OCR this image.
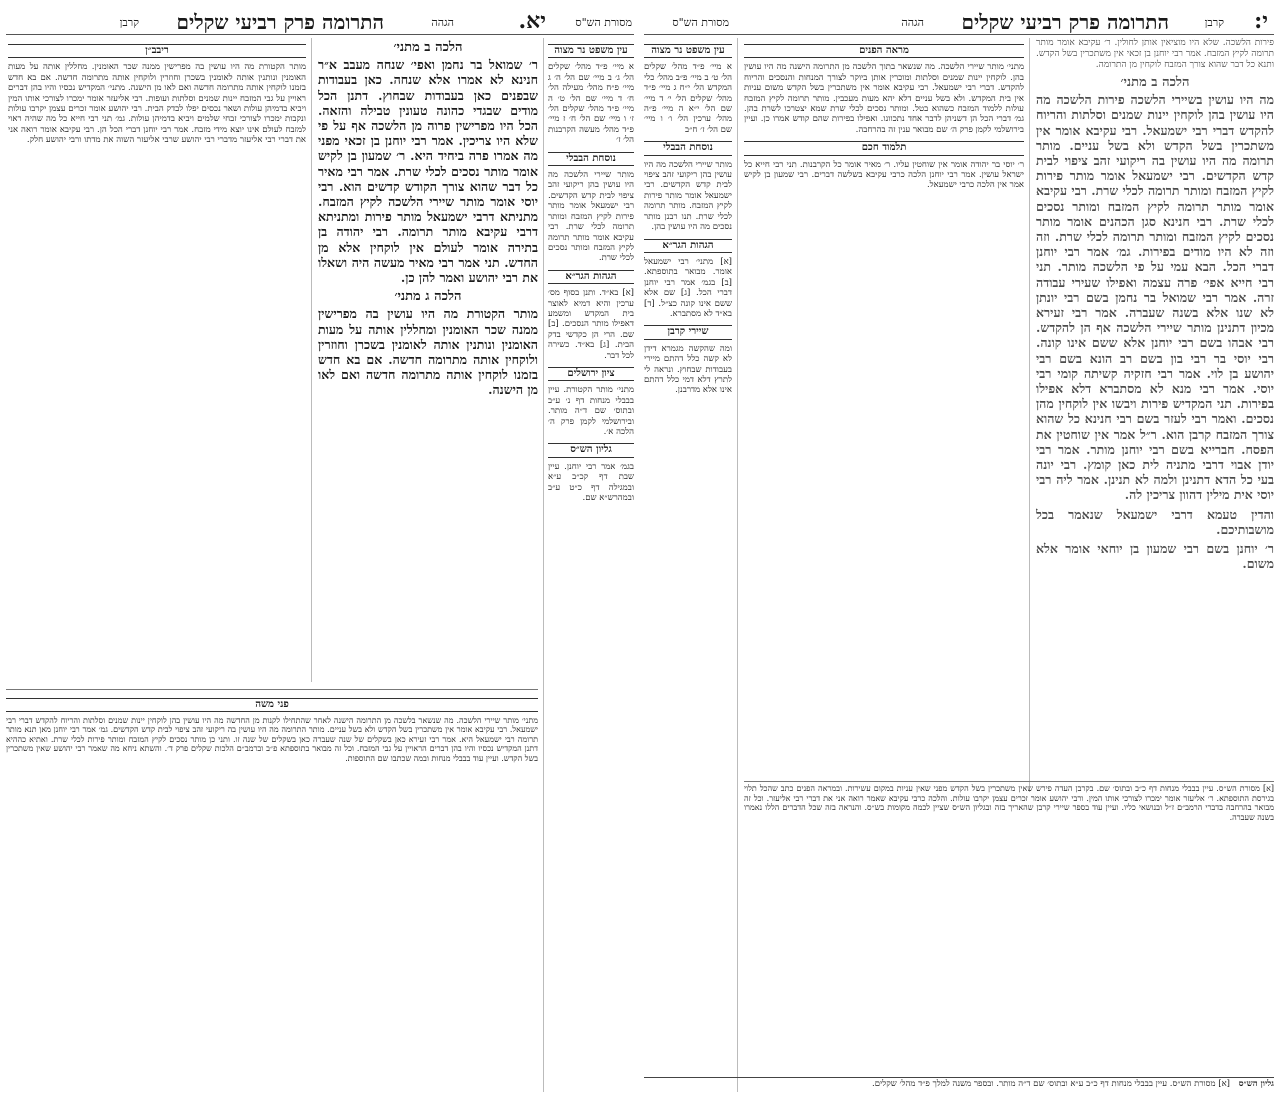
מסורת הש"ס
יא.
הגהה
התרומה פרק רביעי שקלים
קרבן
עין משפט נר מצוה
א מיי׳ פ״ד מהל׳ שקלים הל׳ ג׳ ב מיי׳ שם הל׳ ה׳ ג מיי׳ פ״ח מהל׳ מעילה הל׳ ח׳ ד מיי׳ שם הל׳ ט׳ ה מיי׳ פ״ד מהל׳ שקלים הל׳ ז׳ ו מיי׳ שם הל׳ ח׳ ז מיי׳ פ״ד מהל׳ מעשה הקרבנות הל׳ ז׳
נוסחת הבבלי
מותר שיירי הלשכה מה היו עושין בהן ריקועי זהב ציפוי לבית קדש הקדשים. רבי ישמעאל אומר מותר פירות לקיץ המזבח ומותר תרומה לכלי שרת. רבי עקיבא אומר מותר תרומה לקיץ המזבח ומותר נסכים לכלי שרת.
הגהות הגר״א
[א] בא״ד. ותנן בסוף מס׳ ערכין והיא דמיא לאוצר בית המקדש ומשמע דאפילו מותר הנסכים. [ב] שם. הרי הן כקדשי בדק הבית. [ג] בא״ד. כשירה לכל דבר.
ציון ירושלים
מתני׳ מותר הקטורת. עיין בבבלי מנחות דף נ׳ ע״ב ובתוס׳ שם ד״ה מותר. ובירושלמי לקמן פרק ה׳ הלכה א׳.
גליון הש״ס
בגמ׳ אמר רבי יוחנן. עיין שבת דף קכ״ב ע״א ובמגילה דף כ״ט ע״ב ובמהרש״א שם.
הלכה ב מתני׳
ר׳ שמואל בר נחמן ואפי׳ שנחה מעבב א״ר חנינא לא אמרו אלא שנחה. כאן בעבודות שבפנים כאן בעבודות שבחוץ. דתנן הכל מודים שבגדי כהונה טעונין טבילה והזאה. הכל היו מפרישין פרוה מן הלשכה אף על פי שלא היו צריכין. אמר רבי יוחנן בן זכאי מפני מה אמרו פרה ביחיד היא. ר׳ שמעון בן לקיש אומר מותר נסכים לכלי שרת. אמר רבי מאיר כל דבר שהוא צורך הקודש קדשים הוא. רבי יוסי אומר מותר שיירי הלשכה לקיץ המזבח. מתניתא דרבי ישמעאל מותר פירות ומתניתא דרבי עקיבא מותר תרומה. רבי יהודה בן בתירה אומר לעולם אין לוקחין אלא מן החדש. תני אמר רבי מאיר מעשה היה ושאלו את רבי יהושע ואמר להן כן.
הלכה ג מתני׳
מותר הקטורת מה היו עושין בה מפרישין ממנה שכר האומנין ומחללין אותה על מעות האומנין ונותנין אותה לאומנין בשכרן וחוזרין ולוקחין אותה מתרומה חדשה. אם בא חדש בזמנו לוקחין אותה מתרומה חדשה ואם לאו מן הישנה.
ריבב״ן
מותר הקטורת מה היו עושין בה מפרישין ממנה שכר האומנין. מחללין אותה על מעות האומנין ונותנין אותה לאומנין בשכרן וחוזרין ולוקחין אותה מתרומה חדשה. אם בא חדש בזמנו לוקחין אותה מתרומה חדשה ואם לאו מן הישנה. מתני׳ המקדיש נכסיו והיו בהן דברים ראויין על גבי המזבח יינות שמנים וסלתות ועופות. רבי אליעזר אומר ימכרו לצורכי אותו המין ויביא בדמיהן עולות ושאר נכסים יפלו לבדק הבית. רבי יהושע אומר זכרים עצמן יקרבו עולות ונקבות ימכרו לצורכי זבחי שלמים ויביא בדמיהן עולות. גמ׳ תני רבי חייא כל מה שהיה ראוי למזבח לעולם אינו יוצא מידי מזבח. אמר רבי יוחנן דברי הכל הן. רבי עקיבא אומר רואה אני את דברי רבי אליעזר מדברי רבי יהושע שרבי אליעזר השוה את מדתו ורבי יהושע חלק.
פני משה
מתני׳ מותר שיירי הלשכה. מה שנשאר בלשכה מן התרומה הישנה לאחר שהתחילו לקנות מן החדשה מה היו עושין בהן לוקחין יינות שמנים וסלתות והריוח להקדש דברי רבי ישמעאל. רבי עקיבא אומר אין משתכרין בשל הקדש ולא בשל עניים. מותר התרומה מה היו עושין בה ריקועי זהב ציפוי לבית קדש הקדשים. גמ׳ אמר רבי יוחנן מאן תנא מותר תרומה רבי ישמעאל היא. אמר רבי זעירא כאן בשקלים של שנה שעברה כאן בשקלים של שנה זו. ותני כן מותר נסכים לקיץ המזבח ומותר פירות לכלי שרת. ואתיא כההיא דתנן המקדיש נכסיו והיו בהן דברים הראויין על גבי המזבח. וכל זה מבואר בתוספתא פ״ב וברמב״ם הלכות שקלים פרק ד׳. והשתא ניחא מה שאמר רבי יהושע שאין משתכרין בשל הקדש. ועיין עוד בבבלי מנחות ובמה שכתבו שם התוספות.
י:
קרבן
התרומה פרק רביעי שקלים
הגהה
מסורת הש"ס
פירות הלשכה. שלא היו מוציאין אותן לחולין. ר׳ עקיבא אומר מותר תרומה לקיץ המזבח. אמר רבי יוחנן בן זכאי אין משתכרין בשל הקדש. ותנא כל דבר שהוא צורך המזבח לוקחין מן התרומה.
הלכה ב מתני׳
מה היו עושין בשיירי הלשכה פירות הלשכה מה היו עושין בהן לוקחין יינות שמנים וסלתות והריוח להקדש דברי רבי ישמעאל. רבי עקיבא אומר אין משתכרין בשל הקדש ולא בשל עניים. מותר תרומה מה היו עושין בה ריקועי זהב ציפוי לבית קדש הקדשים. רבי ישמעאל אומר מותר פירות לקיץ המזבח ומותר תרומה לכלי שרת. רבי עקיבא אומר מותר תרומה לקיץ המזבח ומותר נסכים לכלי שרת. רבי חנינא סגן הכהנים אומר מותר נסכים לקיץ המזבח ומותר תרומה לכלי שרת. וזה וזה לא היו מודים בפירות. גמ׳ אמר רבי יוחנן דברי הכל. הבא עמי על פי הלשכה מותר. תני רבי חייא אפי׳ פרה עצמה ואפילו שעירי עבודה זרה. אמר רבי שמואל בר נחמן בשם רבי יונתן לא שנו אלא בשנה שעברה. אמר רבי זעירא מכיון דתנינן מותר שיירי הלשכה אף הן להקדש. רבי אבהו בשם רבי יוחנן אלא ששם אינו קונה. רבי יוסי בר רבי בון בשם רב הונא בשם רבי יהושע בן לוי. אמר רבי חזקיה קשיתה קומי רבי יוסי. אמר רבי מנא לא מסתברא דלא אפילו בפירות. תני המקדיש פירות ויבשו אין לוקחין מהן נסכים. ואמר רבי לעזר בשם רבי חנינא כל שהוא צורך המזבח קרבן הוא. ר״ל אמר אין שוחטין את הפסח. חברייא בשם רבי יוחנן מותר. אמר רבי יודן אבוי דרבי מתניה לית כאן קומץ. רבי יונה בעי כל הדא דתנינן ולמה לא תנינן. אמר ליה רבי יוסי אית מילין דהוון צריכין לה.
והדין טעמא דרבי ישמעאל שנאמר בכל מושבותיכם.
ר׳ יוחנן בשם רבי שמעון בן יוחאי אומר אלא משום.
מראה הפנים
מתני׳ מותר שיירי הלשכה. מה שנשאר בתוך הלשכה מן התרומה הישנה מה היו עושין בהן. לוקחין יינות שמנים וסלתות ומוכרין אותן ביוקר לצורך המנחות והנסכים והריוח להקדש. דברי רבי ישמעאל. רבי עקיבא אומר אין משתכרין בשל הקדש משום עניות אין בית המקדש. ולא בשל עניים דלא יהא מעות מעכבין. מותר תרומה לקיץ המזבח עולות ללמוד המזבח כשהוא בטל. ומותר נסכים לכלי שרת שמא יצטרכו לשרת בהן. גמ׳ דברי הכל הן דשניהן לדבר אחד נתכוונו. ואפילו בפירות שהם קודש אמרו כן. ועיין בירושלמי לקמן פרק ה׳ שם מבואר ענין זה בהרחבה.
תלמוד חכם
ר׳ יוסי בר יהודה אומר אין שוחטין עליו. ר׳ מאיר אומר כל הקרבנות. תני רבי חייא כל ישראל עושין. אמר רבי יוחנן הלכה כרבי עקיבא בשלשה דברים. רבי שמעון בן לקיש אמר אין הלכה כרבי ישמעאל.
עין משפט נר מצוה
א מיי׳ פ״ד מהל׳ שקלים הל׳ ט׳ ב מיי׳ פ״ב מהל׳ כלי המקדש הל׳ י״ח ג מיי׳ פ״ד מהל׳ שקלים הל׳ י׳ ד מיי׳ שם הל׳ י״א ה מיי׳ פ״ה מהל׳ ערכין הל׳ ו׳ ו מיי׳ שם הל׳ ז׳ ח״ב
נוסחת הבבלי
מותר שיירי הלשכה מה היו עושין בהן ריקועי זהב ציפוי לבית קדש הקדשים. רבי ישמעאל אומר מותר פירות לקיץ המזבח. מותר תרומה לכלי שרת. תנו רבנן מותר נסכים מה היו עושין בהן.
הגהות הגר״א
[א] מתני׳ רבי ישמעאל אומר. מבואר בתוספתא. [ב] בגמ׳ אמר רבי יוחנן דברי הכל. [ג] שם אלא ששם אינו קונה כצ״ל. [ד] בא״ד לא מסתברא.
שיירי קרבן
ומה שהקשה מגמרא דידן לא קשה כלל דהתם מיירי בעבודות שבחוץ. ונראה לי לתרץ דלא דמי כלל דהתם אינו אלא מדרבנן.
[א] מסורת הש״ס. עיין בבבלי מנחות דף כ״ב ובתוס׳ שם. בקרבן העדה פירש שאין משתכרין בשל הקדש מפני שאין עניות במקום עשירות. ובמראה הפנים כתב שהכל תלוי בגירסת התוספתא. ר׳ אליעזר אומר ימכרו לצורכי אותו המין. ורבי יהושע אומר זכרים עצמן יקרבו עולות. והלכה כרבי עקיבא שאמר רואה אני את דברי רבי אליעזר. וכל זה מבואר בהרחבה בדברי הרמב״ם ז״ל ובנושאי כליו. ועיין עוד בספר שיירי קרבן שהאריך בזה ובגליון הש״ס שציין לכמה מקומות בש״ס. והנראה בזה שכל הדברים הללו נאמרו בשנה שעברה.
גליון הש״ס [א] מסורת הש״ס. עיין בבבלי מנחות דף כ״ב ע״א ובתוס׳ שם ד״ה מותר. ובספר משנה למלך פ״ד מהל׳ שקלים.
